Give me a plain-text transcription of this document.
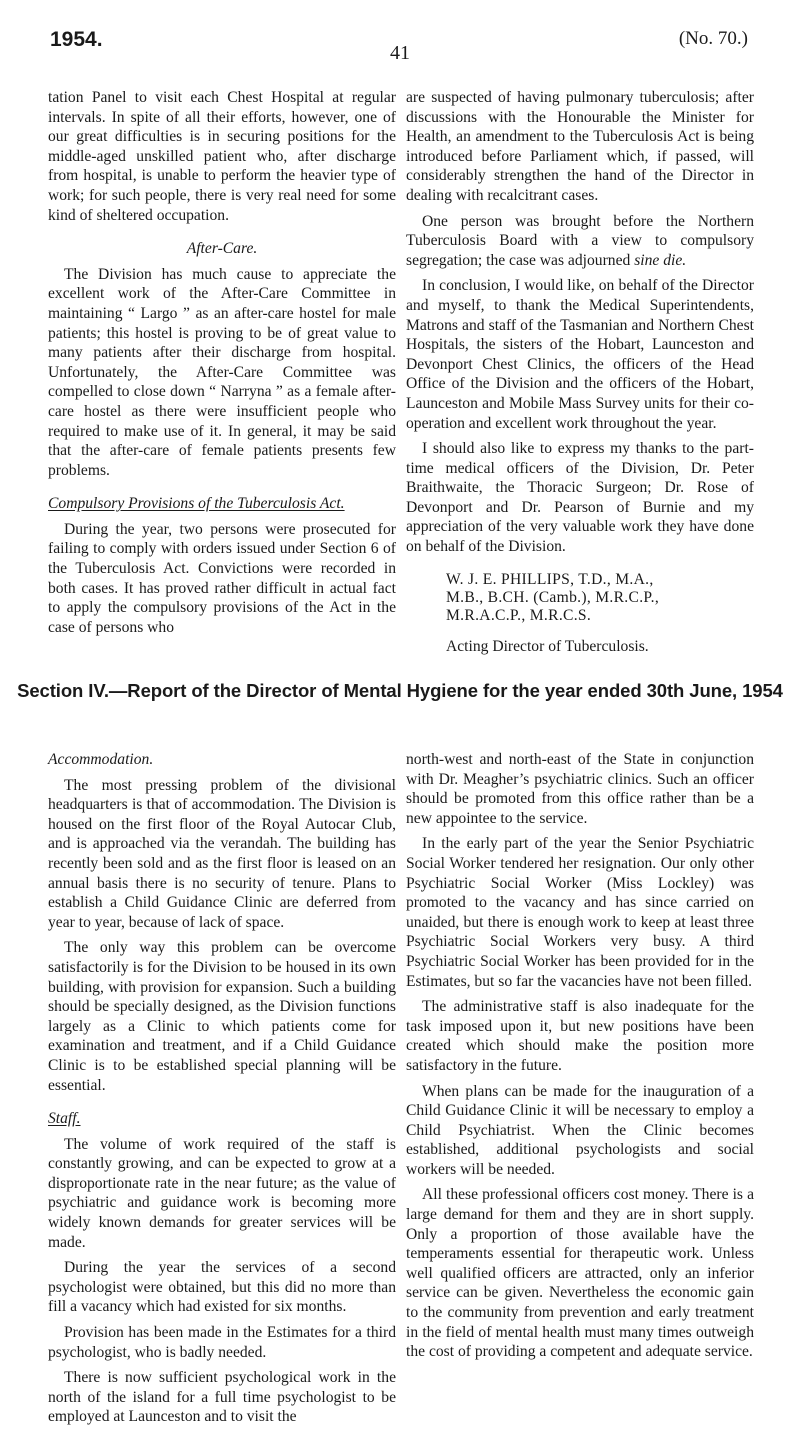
1954.
41
(No. 70.)

tation Panel to visit each Chest Hospital at regular intervals. In spite of all their efforts, however, one of our great difficulties is in securing positions for the middle-aged unskilled patient who, after discharge from hospital, is unable to perform the heavier type of work; for such people, there is very real need for some kind of sheltered occupation.

After-Care.

The Division has much cause to appreciate the excellent work of the After-Care Committee in maintaining “ Largo ” as an after-care hostel for male patients; this hostel is proving to be of great value to many patients after their discharge from hospital. Unfortunately, the After-Care Committee was compelled to close down “ Narryna ” as a female after-care hostel as there were insufficient people who required to make use of it. In general, it may be said that the after-care of female patients presents few problems.

Compulsory Provisions of the Tuberculosis Act.

During the year, two persons were prosecuted for failing to comply with orders issued under Section 6 of the Tuberculosis Act. Convictions were recorded in both cases. It has proved rather difficult in actual fact to apply the compulsory provisions of the Act in the case of persons who

are suspected of having pulmonary tuberculosis; after discussions with the Honourable the Minister for Health, an amendment to the Tuberculosis Act is being introduced before Parliament which, if passed, will considerably strengthen the hand of the Director in dealing with recalcitrant cases.

One person was brought before the Northern Tuberculosis Board with a view to compulsory segregation; the case was adjourned sine die.

In conclusion, I would like, on behalf of the Director and myself, to thank the Medical Superintendents, Matrons and staff of the Tasmanian and Northern Chest Hospitals, the sisters of the Hobart, Launceston and Devonport Chest Clinics, the officers of the Head Office of the Division and the officers of the Hobart, Launceston and Mobile Mass Survey units for their co-operation and excellent work throughout the year.

I should also like to express my thanks to the part-time medical officers of the Division, Dr. Peter Braithwaite, the Thoracic Surgeon; Dr. Rose of Devonport and Dr. Pearson of Burnie and my appreciation of the very valuable work they have done on behalf of the Division.

W. J. E. PHILLIPS, T.D., M.A.,
M.B., B.CH. (Camb.), M.R.C.P.,
M.R.A.C.P., M.R.C.S.
Acting Director of Tuberculosis.
Section IV.—Report of the Director of Mental Hygiene for the year ended 30th June, 1954
Accommodation.

The most pressing problem of the divisional headquarters is that of accommodation. The Division is housed on the first floor of the Royal Autocar Club, and is approached via the verandah. The building has recently been sold and as the first floor is leased on an annual basis there is no security of tenure. Plans to establish a Child Guidance Clinic are deferred from year to year, because of lack of space.

The only way this problem can be overcome satisfactorily is for the Division to be housed in its own building, with provision for expansion. Such a building should be specially designed, as the Division functions largely as a Clinic to which patients come for examination and treatment, and if a Child Guidance Clinic is to be established special planning will be essential.

Staff.

The volume of work required of the staff is constantly growing, and can be expected to grow at a disproportionate rate in the near future; as the value of psychiatric and guidance work is becoming more widely known demands for greater services will be made.

During the year the services of a second psychologist were obtained, but this did no more than fill a vacancy which had existed for six months.

Provision has been made in the Estimates for a third psychologist, who is badly needed.

There is now sufficient psychological work in the north of the island for a full time psychologist to be employed at Launceston and to visit the

north-west and north-east of the State in conjunction with Dr. Meagher’s psychiatric clinics. Such an officer should be promoted from this office rather than be a new appointee to the service.

In the early part of the year the Senior Psychiatric Social Worker tendered her resignation. Our only other Psychiatric Social Worker (Miss Lockley) was promoted to the vacancy and has since carried on unaided, but there is enough work to keep at least three Psychiatric Social Workers very busy. A third Psychiatric Social Worker has been provided for in the Estimates, but so far the vacancies have not been filled.

The administrative staff is also inadequate for the task imposed upon it, but new positions have been created which should make the position more satisfactory in the future.

When plans can be made for the inauguration of a Child Guidance Clinic it will be necessary to employ a Child Psychiatrist. When the Clinic becomes established, additional psychologists and social workers will be needed.

All these professional officers cost money. There is a large demand for them and they are in short supply. Only a proportion of those available have the temperaments essential for therapeutic work. Unless well qualified officers are attracted, only an inferior service can be given. Nevertheless the economic gain to the community from prevention and early treatment in the field of mental health must many times outweigh the cost of providing a competent and adequate service.
